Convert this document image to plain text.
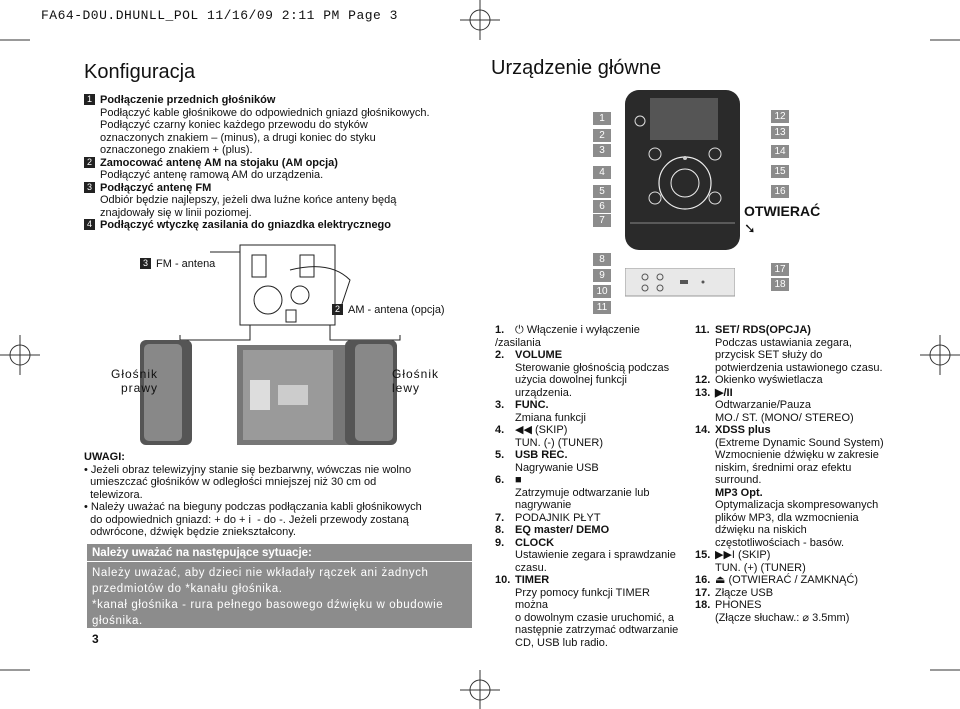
FA64-D0U.DHUNLL_POL 11/16/09 2:11 PM Page 3
Konfiguracja
1 Podłączenie przednich głośników
Podłączyć kable głośnikowe do odpowiednich gniazd głośnikowych.
Podłączyć czarny koniec każdego przewodu do styków
oznaczonych znakiem – (minus), a drugi koniec do styku
oznaczonego znakiem + (plus).
2 Zamocować antenę AM na stojaku (AM opcja)
Podłączyć antenę ramową AM do urządzenia.
3 Podłączyć antenę FM
Odbiór będzie najlepszy, jeżeli dwa luźne końce anteny będą
znajdowały się w linii poziomej.
4 Podłączyć wtyczkę zasilania do gniazdka elektrycznego
3 FM - antena
2 AM - antena (opcja)
Głośnik
prawy
Głośnik
lewy
UWAGI:
• Jeżeli obraz telewizyjny stanie się bezbarwny, wówczas nie wolno
umieszczać głośników w odległości mniejszej niż 30 cm od
telewizora.
• Należy uważać na bieguny podczas podłączania kabli głośnikowych
do odpowiednich gniazd: + do + i  - do -. Jeżeli przewody zostaną
odwrócone, dźwięk będzie zniekształcony.
Należy uważać na następujące sytuacje:
Należy uważać, aby dzieci nie wkładały rączek ani żadnych
przedmiotów do *kanału głośnika.
*kanał głośnika - rura pełnego basowego dźwięku w obudowie
głośnika.
3
Urządzenie główne
1
2
3
4
5
6
7
12
13
14
15
16
OTWIERAĆ
➘
8
9
10
11
17
18
1. ⏻ Włączenie i wyłączenie /zasilania
2. VOLUME
Sterowanie głośnością podczas
użycia dowolnej funkcji urządzenia.
3. FUNC.
Zmiana funkcji
4. ◀◀ (SKIP)
TUN. (-) (TUNER)
5. USB REC.
Nagrywanie USB
6. ■
Zatrzymuje odtwarzanie lub
nagrywanie
7. PODAJNIK PŁYT
8. EQ master/ DEMO
9. CLOCK
Ustawienie zegara i sprawdzanie
czasu.
10. TIMER
Przy pomocy funkcji TIMER można
o dowolnym czasie uruchomić, a
następnie zatrzymać odtwarzanie
CD, USB lub radio.
11. SET/ RDS(OPCJA)
Podczas ustawiania zegara,
przycisk SET służy do
potwierdzenia ustawionego czasu.
12. Okienko wyświetlacza
13. ▶/II
Odtwarzanie/Pauza
MO./ ST. (MONO/ STEREO)
14. XDSS plus
(Extreme Dynamic Sound System)
Wzmocnienie dźwięku w zakresie
niskim, średnimi oraz efektu
surround.
MP3 Opt.
Optymalizacja skompresowanych
plików MP3, dla wzmocnienia
dźwięku na niskich
częstotliwościach - basów.
15. ▶▶I (SKIP)
TUN. (+) (TUNER)
16. ⏏ (OTWIERAĆ / ZAMKNĄĆ)
17. Złącze USB
18. PHONES
(Złącze słuchaw.: ⌀ 3.5mm)
